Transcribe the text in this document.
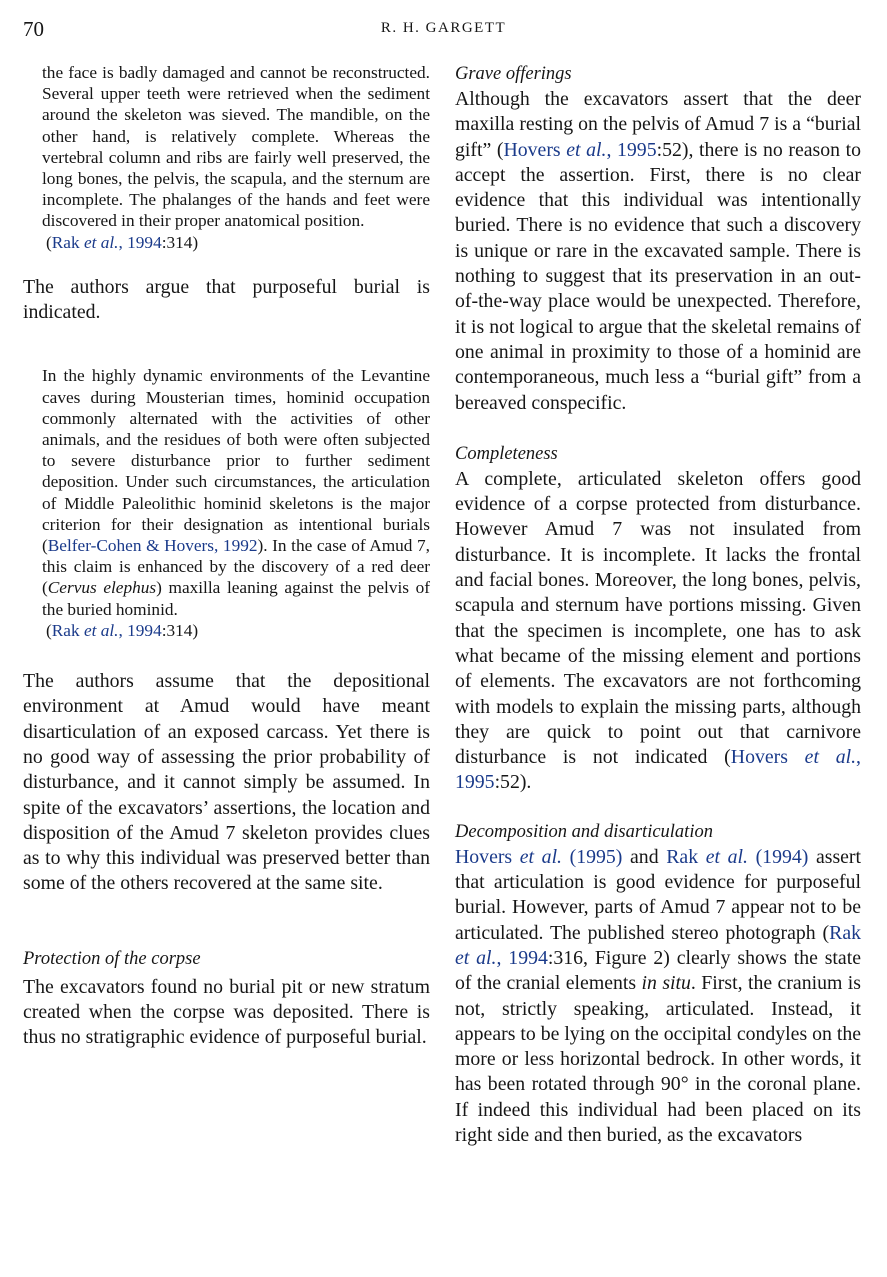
70	R. H. GARGETT

the face is badly damaged and cannot be reconstructed. Several upper teeth were retrieved when the sediment around the skeleton was sieved. The mandible, on the other hand, is relatively complete. Whereas the vertebral column and ribs are fairly well preserved, the long bones, the pelvis, the scapula, and the sternum are incomplete. The phalanges of the hands and feet were discovered in their proper anatomical position.

(Rak et al., 1994:314)

The authors argue that purposeful burial is indicated.

In the highly dynamic environments of the Levantine caves during Mousterian times, hominid occupation commonly alternated with the activities of other animals, and the residues of both were often subjected to severe disturbance prior to further sediment deposition. Under such circumstances, the articulation of Middle Paleolithic hominid skeletons is the major criterion for their designation as intentional burials (Belfer-Cohen & Hovers, 1992). In the case of Amud 7, this claim is enhanced by the discovery of a red deer (Cervus elephus) maxilla leaning against the pelvis of the buried hominid.

(Rak et al., 1994:314)

The authors assume that the depositional environment at Amud would have meant disarticulation of an exposed carcass. Yet there is no good way of assessing the prior probability of disturbance, and it cannot simply be assumed. In spite of the excavators’ assertions, the location and disposition of the Amud 7 skeleton provides clues as to why this individual was preserved better than some of the others recovered at the same site.

Protection of the corpse

The excavators found no burial pit or new stratum created when the corpse was deposited. There is thus no stratigraphic evidence of purposeful burial.

Grave offerings

Although the excavators assert that the deer maxilla resting on the pelvis of Amud 7 is a “burial gift” (Hovers et al., 1995:52), there is no reason to accept the assertion. First, there is no clear evidence that this individual was intentionally buried. There is no evidence that such a discovery is unique or rare in the excavated sample. There is nothing to suggest that its preservation in an out-of-the-way place would be unexpected. Therefore, it is not logical to argue that the skeletal remains of one animal in proximity to those of a hominid are contemporaneous, much less a “burial gift” from a bereaved conspecific.

Completeness

A complete, articulated skeleton offers good evidence of a corpse protected from disturbance. However Amud 7 was not insulated from disturbance. It is incomplete. It lacks the frontal and facial bones. Moreover, the long bones, pelvis, scapula and sternum have portions missing. Given that the specimen is incomplete, one has to ask what became of the missing element and portions of elements. The excavators are not forthcoming with models to explain the missing parts, although they are quick to point out that carnivore disturbance is not indicated (Hovers et al., 1995:52).

Decomposition and disarticulation

Hovers et al. (1995) and Rak et al. (1994) assert that articulation is good evidence for purposeful burial. However, parts of Amud 7 appear not to be articulated. The published stereo photograph (Rak et al., 1994:316, Figure 2) clearly shows the state of the cranial elements in situ. First, the cranium is not, strictly speaking, articulated. Instead, it appears to be lying on the occipital condyles on the more or less horizontal bedrock. In other words, it has been rotated through 90° in the coronal plane. If indeed this individual had been placed on its right side and then buried, as the excavators
